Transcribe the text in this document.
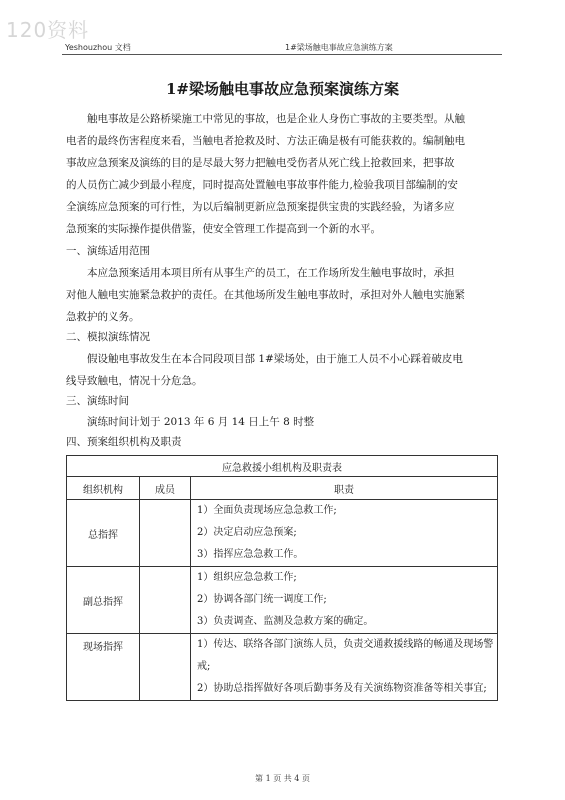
120资料
Yeshouzhou 文档	1#梁场触电事故应急演练方案
1#梁场触电事故应急预案演练方案
触电事故是公路桥梁施工中常见的事故，也是企业人身伤亡事故的主要类型。从触
电者的最终伤害程度来看，当触电者抢救及时、方法正确是极有可能获救的。编制触电
事故应急预案及演练的目的是尽最大努力把触电受伤者从死亡线上抢救回来，把事故
的人员伤亡减少到最小程度，同时提高处置触电事故事件能力,检验我项目部编制的安
全演练应急预案的可行性，为以后编制更新应急预案提供宝贵的实践经验，为诸多应
急预案的实际操作提供借鉴，使安全管理工作提高到一个新的水平。
一、演练适用范围
本应急预案适用本项目所有从事生产的员工，在工作场所发生触电事故时，承担
对他人触电实施紧急救护的责任。在其他场所发生触电事故时，承担对外人触电实施紧
急救护的义务。
二、模拟演练情况
假设触电事故发生在本合同段项目部 1#梁场处，由于施工人员不小心踩着破皮电
线导致触电，情况十分危急。
三、演练时间
演练时间计划于 2013 年 6 月 14 日上午 8 时整
四、预案组织机构及职责
应急救援小组机构及职责表		
组织机构	成员	职责
总指挥		1）全面负责现场应急急救工作;
2）决定启动应急预案;
3）指挥应急急救工作。

副总指挥		1）组织应急急救工作;
2）协调各部门统一调度工作;
3）负责调查、监测及急救方案的确定。

现场指挥		1）传达、联络各部门演练人员，负责交通救援线路的畅通及现场警戒;
2）协助总指挥做好各项后勤事务及有关演练物资准备等相关事宜;
第 1 页 共 4 页
